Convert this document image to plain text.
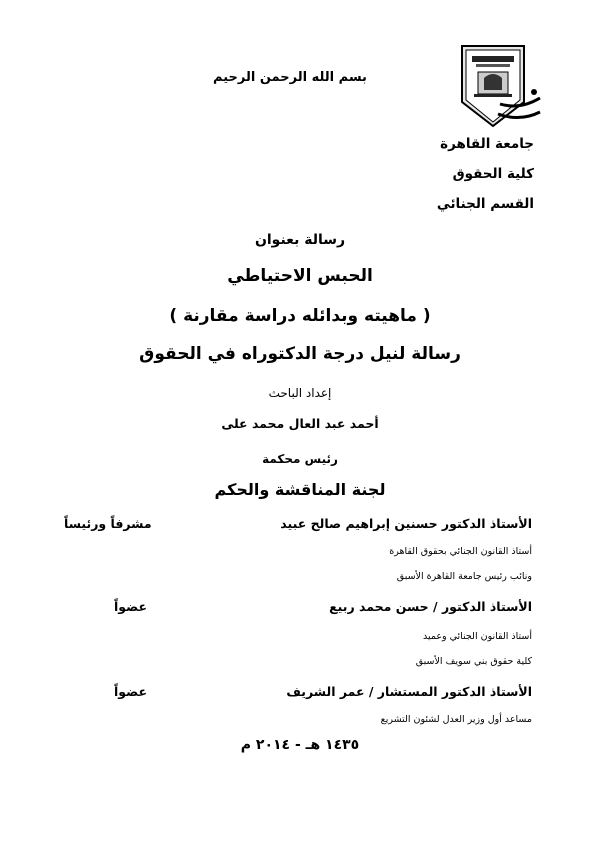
بسم الله الرحمن الرحيم
جامعة القاهرة
كلية الحقوق
القسم الجنائي
رسالة بعنوان
الحبس الاحتياطي
( ماهيته وبدائله دراسة مقارنة )
رسالة لنيل درجة الدكتوراه في الحقوق
إعداد الباحث
أحمد عبد العال محمد على
رئيس محكمة
لجنة المناقشة والحكم
الأستاذ الدكتور حسنين إبراهيم صالح عبيد
مشرفاً ورئيساً
أستاذ القانون الجنائي بحقوق القاهرة
ونائب رئيس جامعة القاهرة الأسبق
الأستاذ الدكتور / حسن محمد ربيع
عضواً
أستاذ القانون الجنائي وعميد
كلية حقوق بني سويف الأسبق
الأستاذ الدكتور المستشار / عمر الشريف
عضواً
مساعد أول وزير العدل لشئون التشريع
١٤٣٥ هـ - ٢٠١٤ م
